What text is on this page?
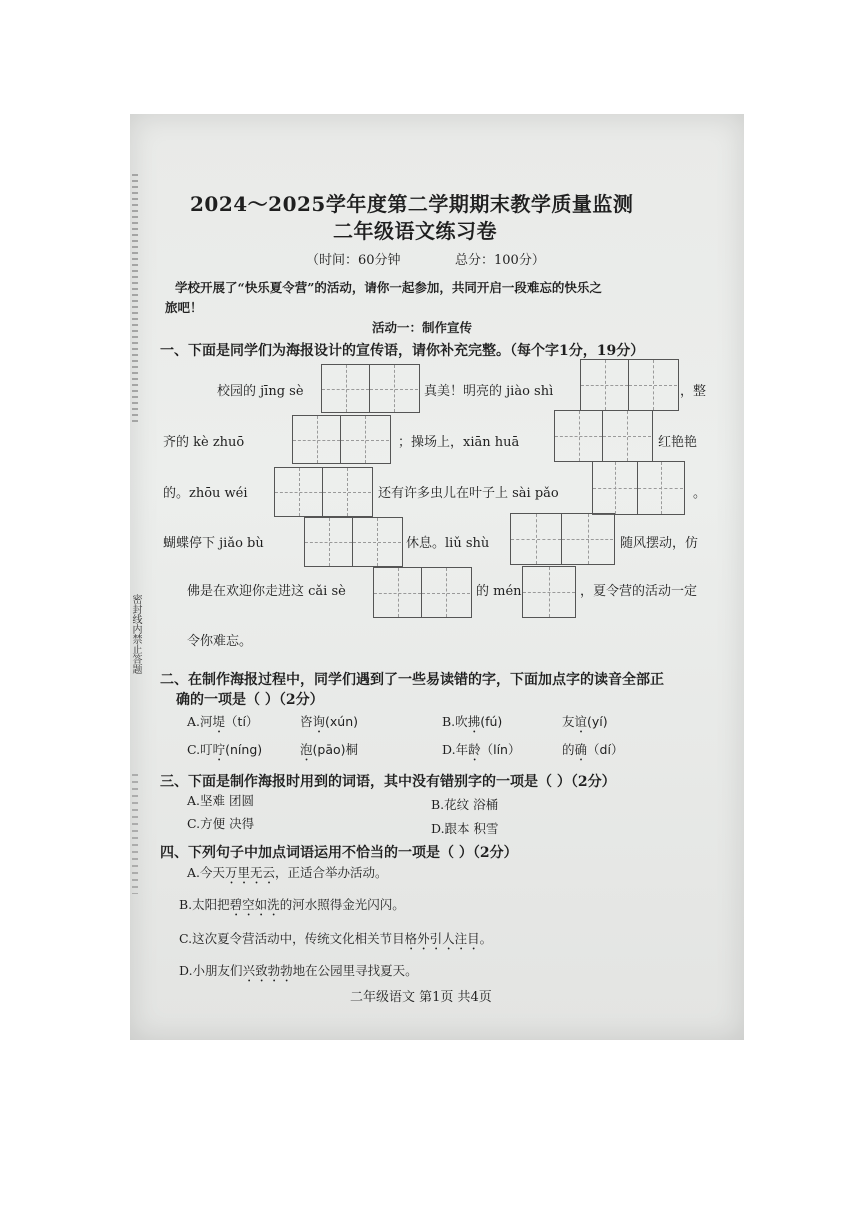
密封线内禁止答题
2024～2025学年度第二学期期末教学质量监测
二年级语文练习卷
（时间：60分钟	总分：100分）
学校开展了“快乐夏令营”的活动，请你一起参加，共同开启一段难忘的快乐之
旅吧！
活动一：制作宣传
一、下面是同学们为海报设计的宣传语，请你补充完整。（每个字1分，19分）
校园的 jīng sè	真美！明亮的 jiào shì	，整
齐的 kè zhuō	；操场上，xiān huā	红艳艳
的。zhōu wéi	还有许多虫儿在叶子上 sài pǎo	。
蝴蝶停下 jiǎo bù	休息。liǔ shù	随风摆动，仿
佛是在欢迎你走进这 cǎi sè	的 mén	，夏令营的活动一定
令你难忘。
二、在制作海报过程中，同学们遇到了一些易读错的字，下面加点字的读音全部正
确的一项是（ ）（2分）
A.河堤（tí）	咨询(xún)	B.吹拂(fú)	友谊(yí)
C.叮咛(níng)	泡(pāo)桐	D.年龄（lín）	的确（dí）
三、下面是制作海报时用到的词语，其中没有错别字的一项是（ ）（2分）
A.坚难 团圆	B.花纹 浴桶
C.方便 决得	D.跟本 积雪
四、下列句子中加点词语运用不恰当的一项是（ ）（2分）
A.今天万里无云，正适合举办活动。
B.太阳把碧空如洗的河水照得金光闪闪。
C.这次夏令营活动中，传统文化相关节目格外引人注目。
D.小朋友们兴致勃勃地在公园里寻找夏天。
二年级语文 第1页 共4页
